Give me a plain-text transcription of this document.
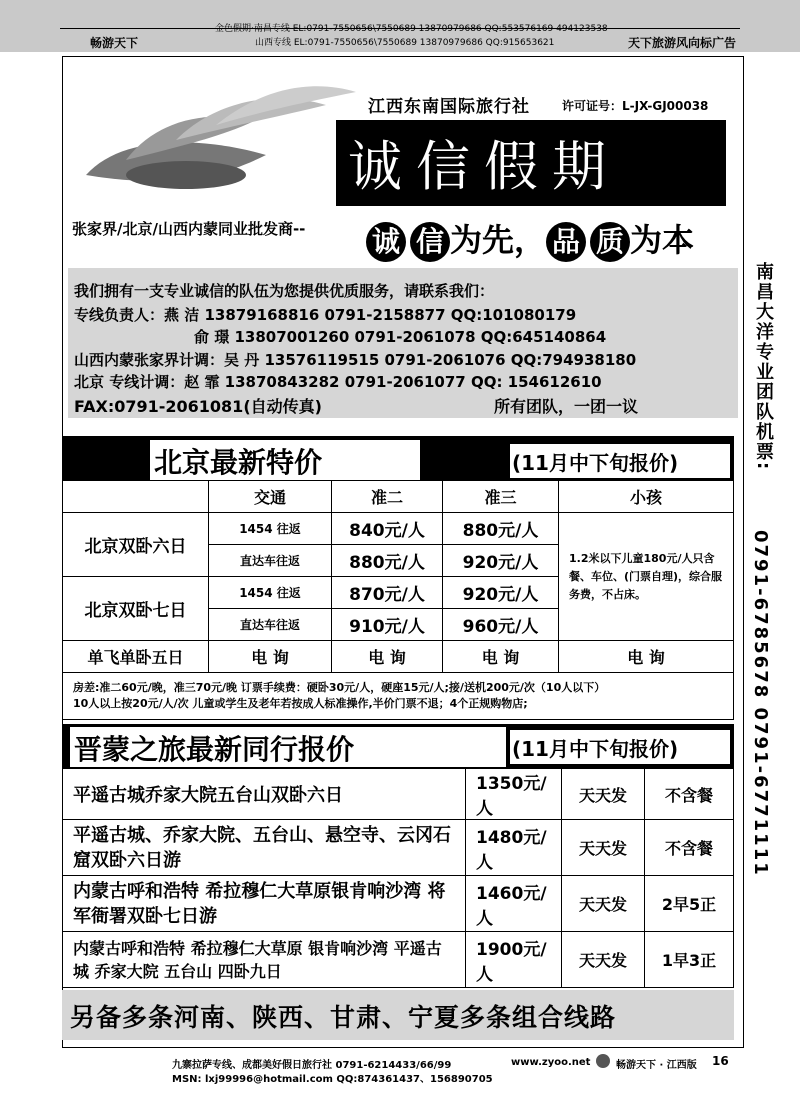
金色假期·南昌专线 EL:0791-7550656\7550689 13870979686 QQ:553576169 494123538
山西专线 EL:0791-7550656\7550689 13870979686 QQ:915653621
畅游天下	天下旅游风向标广告
江西东南国际旅行社	许可证号：L-JX-GJ00038
诚信假期
张家界/北京/山西内蒙同业批发商-- 诚 信 为先， 品 质 为本
我们拥有一支专业诚信的队伍为您提供优质服务，请联系我们：
专线负责人：燕 洁 13879168816 0791-2158877 QQ:101080179
俞 璟 13807001260 0791-2061078 QQ:645140864
山西内蒙张家界计调：吴 丹 13576119515 0791-2061076 QQ:794938180
北京 专线计调：赵 霏 13870843282 0791-2061077 QQ: 154612610
FAX:0791-2061081(自动传真)	所有团队，一团一议
北京最新特价	(11月中下旬报价)
	交通	准二	准三	小孩
北京双卧六日	1454 往返	840元/人	880元/人	1.2米以下儿童180元/人只含餐、车位、(门票自理)，综合服务费，不占床。
	直达车往返	880元/人	920元/人	
北京双卧七日	1454 往返	870元/人	920元/人	
	直达车往返	910元/人	960元/人	
单飞单卧五日	电 询	电 询	电 询	电 询

房差:准二60元/晚，准三70元/晚 订票手续费：硬卧30元/人，硬座15元/人;接/送机200元/次（10人以下）
10人以上按20元/人/次 儿童或学生及老年若按成人标准操作,半价门票不退；4个正规购物店;				
晋蒙之旅最新同行报价	(11月中下旬报价)
平遥古城乔家大院五台山双卧六日	1350元/人	天天发	不含餐
平遥古城、乔家大院、五台山、悬空寺、云冈石窟双卧六日游	1480元/人	天天发	不含餐
内蒙古呼和浩特 希拉穆仁大草原银肯响沙湾 将军衙署双卧七日游	1460元/人	天天发	2早5正
内蒙古呼和浩特 希拉穆仁大草原 银肯响沙湾 平遥古城 乔家大院 五台山 四卧九日	1900元/人	天天发	1早3正
另备多条河南、陕西、甘肃、宁夏多条组合线路
九寨拉萨专线、成都美好假日旅行社 0791-6214433/66/99
MSN: lxj99996@hotmail.com QQ:874361437、156890705
www.zyoo.net	畅游天下 · 江西版 16
南昌大洋专业团队机票:
0791-6785678 0791-6771111
